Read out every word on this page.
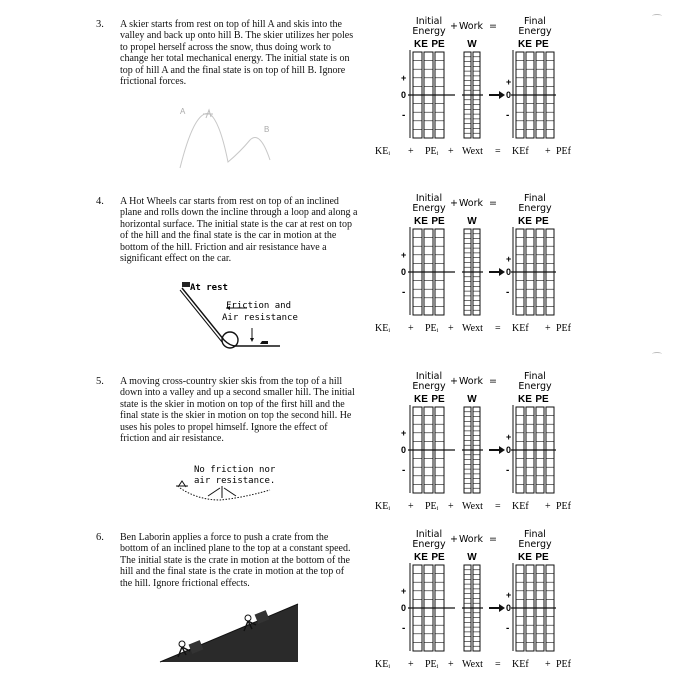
3. A skier starts from rest on top of hill A and skis into the valley and back up onto hill B. The skier utilizes her poles to propel herself across the snow, thus doing work to change her total mechanical energy. The initial state is on top of hill A and the final state is on top of hill B. Ignore frictional forces.
A
B
Initial
Energy + Work =	Final
Energy
KE PE W	KE PE
+
0
-
+
0
-
KEᵢ + PEᵢ + Wext = KEf + PEf
4. A Hot Wheels car starts from rest on top of an inclined plane and rolls down the incline through a loop and along a horizontal surface. The initial state is the car at rest on top of the hill and the final state is the car in motion at the bottom of the hill. Friction and air resistance have a significant effect on the car.
At rest
Friction and
Air resistance
Initial
Energy + Work =	Final
Energy
KE PE W	KE PE
+
0
-
+
0
-
KEᵢ + PEᵢ + Wext = KEf + PEf
5. A moving cross-country skier skis from the top of a hill down into a valley and up a second smaller hill. The initial state is the skier in motion on top of the first hill and the final state is the skier in motion on top the second hill. He uses his poles to propel himself. Ignore the effect of friction and air resistance.
No friction nor
air resistance.
Initial
Energy + Work =	Final
Energy
KE PE W	KE PE
+
0
-
+
0
-
KEᵢ + PEᵢ + Wext = KEf + PEf
6. Ben Laborin applies a force to push a crate from the bottom of an inclined plane to the top at a constant speed. The initial state is the crate in motion at the bottom of the hill and the final state is the crate in motion at the top of the hill. Ignore frictional effects.
Initial
Energy + Work =	Final
Energy
KE PE W	KE PE
+
0
-
+
0
-
KEᵢ + PEᵢ + Wext = KEf + PEf
